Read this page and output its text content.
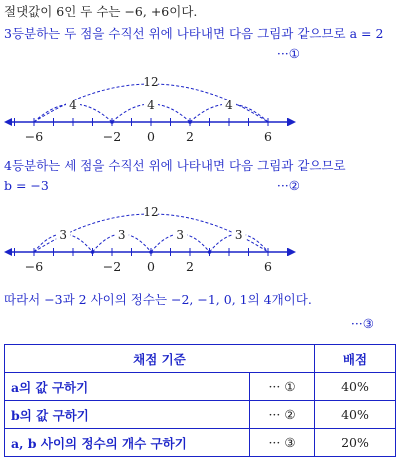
절댓값이 6인 두 수는 −6, +6이다.
3등분하는 두 점을 수직선 위에 나타내면 다음 그림과 같으므로 a = 2
···①
−6	−2 0 2	6
12
4	4	4
4등분하는 세 점을 수직선 위에 나타내면 다음 그림과 같으므로
b = −3	···②
−6	−2 0 2	6
12
3	3	3	3
따라서 −3과 2 사이의 정수는 −2, −1, 0, 1의 4개이다.
···③
채점 기준		배점
a의 값 구하기	··· ①	40%
b의 값 구하기	··· ②	40%
a, b 사이의 정수의 개수 구하기	··· ③	20%
